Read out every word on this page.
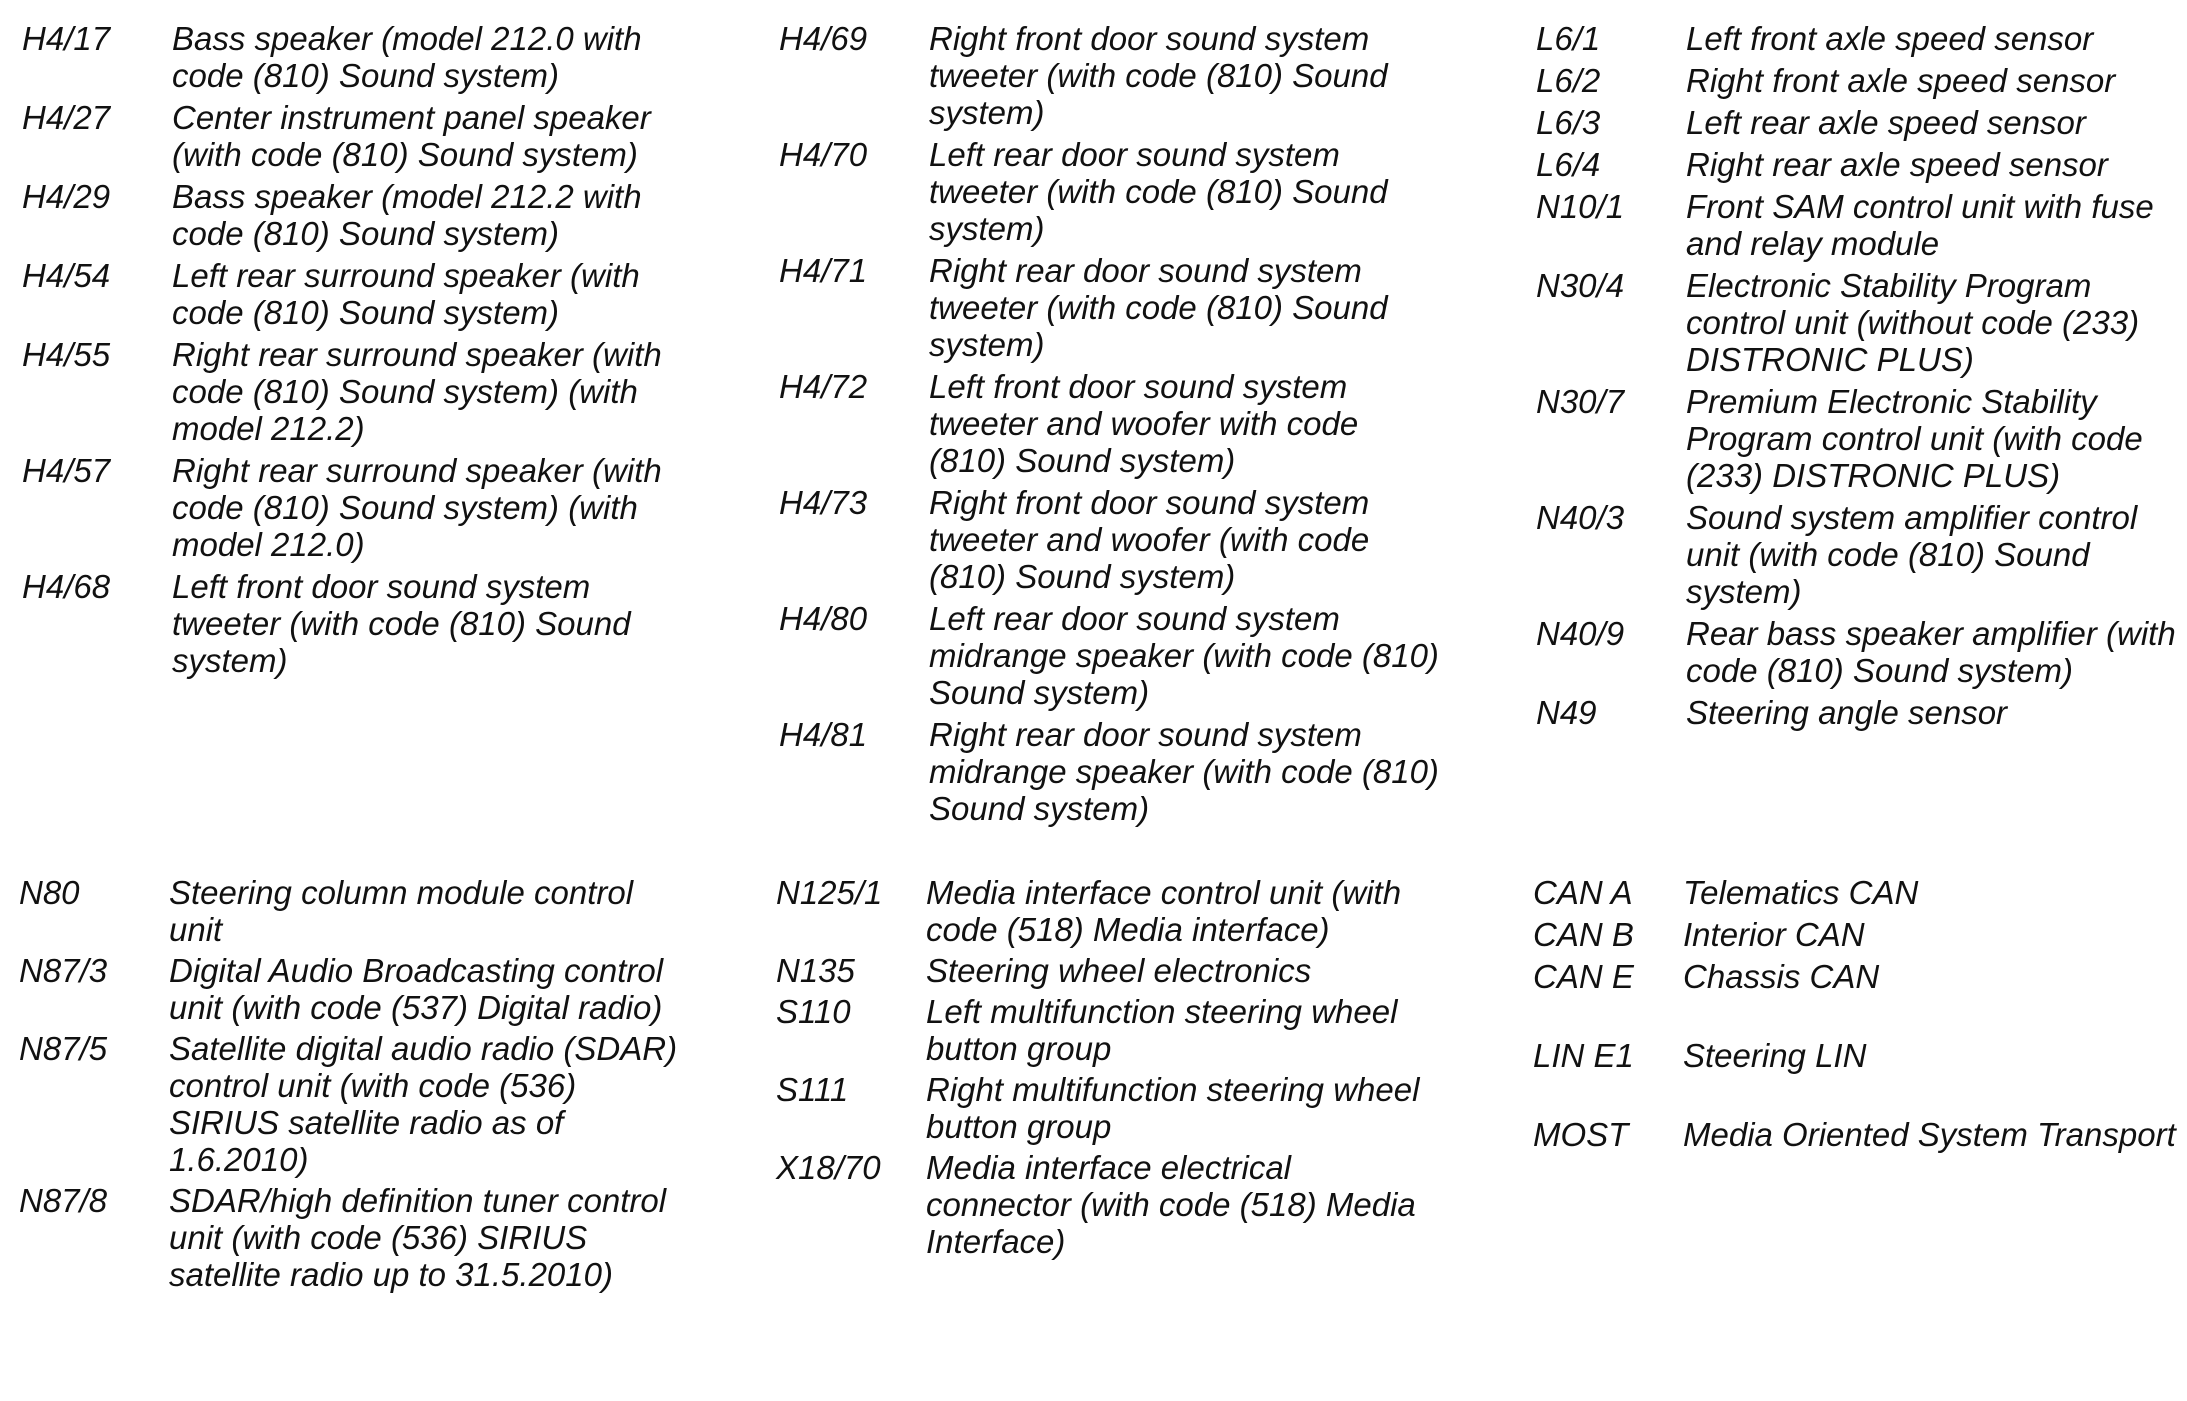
H4/17	Bass speaker (model 212.0 with code (810) Sound system)
H4/27	Center instrument panel speaker (with code (810) Sound system)
H4/29	Bass speaker (model 212.2 with code (810) Sound system)
H4/54	Left rear surround speaker (with code (810) Sound system)
H4/55	Right rear surround speaker (with code (810) Sound system) (with model 212.2)
H4/57	Right rear surround speaker (with code (810) Sound system) (with model 212.0)
H4/68	Left front door sound system tweeter (with code (810) Sound system)
H4/69	Right front door sound system tweeter (with code (810) Sound system)
H4/70	Left rear door sound system tweeter (with code (810) Sound system)
H4/71	Right rear door sound system tweeter (with code (810) Sound system)
H4/72	Left front door sound system tweeter and woofer with code (810) Sound system)
H4/73	Right front door sound system tweeter and woofer (with code (810) Sound system)
H4/80	Left rear door sound system midrange speaker (with code (810) Sound system)
H4/81	Right rear door sound system midrange speaker (with code (810) Sound system)
L6/1	Left front axle speed sensor
L6/2	Right front axle speed sensor
L6/3	Left rear axle speed sensor
L6/4	Right rear axle speed sensor
N10/1	Front SAM control unit with fuse and relay module
N30/4	Electronic Stability Program control unit (without code (233) DISTRONIC PLUS)
N30/7	Premium Electronic Stability Program control unit (with code (233) DISTRONIC PLUS)
N40/3	Sound system amplifier control unit (with code (810) Sound system)
N40/9	Rear bass speaker amplifier (with code (810) Sound system)
N49	Steering angle sensor
N80	Steering column module control unit
N87/3	Digital Audio Broadcasting control unit (with code (537) Digital radio)
N87/5	Satellite digital audio radio (SDAR) control unit (with code (536) SIRIUS satellite radio as of 1.6.2010)
N87/8	SDAR/high definition tuner control unit (with code (536) SIRIUS satellite radio up to 31.5.2010)
N125/1	Media interface control unit (with code (518) Media interface)
N135	Steering wheel electronics
S110	Left multifunction steering wheel button group
S111	Right multifunction steering wheel button group
X18/70	Media interface electrical connector (with code (518) Media Interface)
CAN A	Telematics CAN
CAN B	Interior CAN
CAN E	Chassis CAN
LIN E1	Steering LIN
MOST	Media Oriented System Transport
